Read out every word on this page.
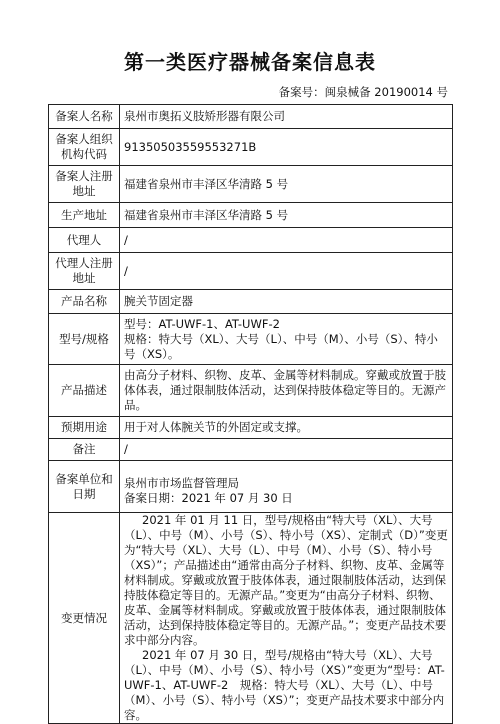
第一类医疗器械备案信息表
备案号：闽泉械备 20190014 号
备案人名称	泉州市奥拓义肢矫形器有限公司
备案人组织机构代码	91350503559553271B
备案人注册地址	福建省泉州市丰泽区华清路 5 号
生产地址	福建省泉州市丰泽区华清路 5 号
代理人	/
代理人注册地址	/
产品名称	腕关节固定器
型号/规格	型号：AT-UWF-1、AT-UWF-2
规格：特大号（XL）、大号（L）、中号（M）、小号（S）、特小号（XS）。

产品描述	由高分子材料、织物、皮革、金属等材料制成。穿戴或放置于肢体体表，通过限制肢体活动，达到保持肢体稳定等目的。无源产品。
预期用途	用于对人体腕关节的外固定或支撑。
备注	/
备案单位和日期	泉州市市场监督管理局
备案日期：2021 年 07 月 30 日

变更情况	2021 年 01 月 11 日，型号/规格由“特大号（XL）、大号（L）、中号（M）、小号（S）、特小号（XS）、定制式（D）”变更为“特大号（XL）、大号（L）、中号（M）、小号（S）、特小号（XS）”；产品描述由“通常由高分子材料、织物、皮革、金属等材料制成。穿戴或放置于肢体体表，通过限制肢体活动，达到保持肢体稳定等目的。无源产品。”变更为“由高分子材料、织物、皮革、金属等材料制成。穿戴或放置于肢体体表，通过限制肢体活动，达到保持肢体稳定等目的。无源产品。”；变更产品技术要求中部分内容。

2021 年 07 月 30 日，型号/规格由“特大号（XL）、大号（L）、中号（M）、小号（S）、特小号（XS）”变更为“型号：AT-UWF-1、AT-UWF-2　规格：特大号（XL）、大号（L）、中号（M）、小号（S）、特小号（XS）”；变更产品技术要求中部分内容。
